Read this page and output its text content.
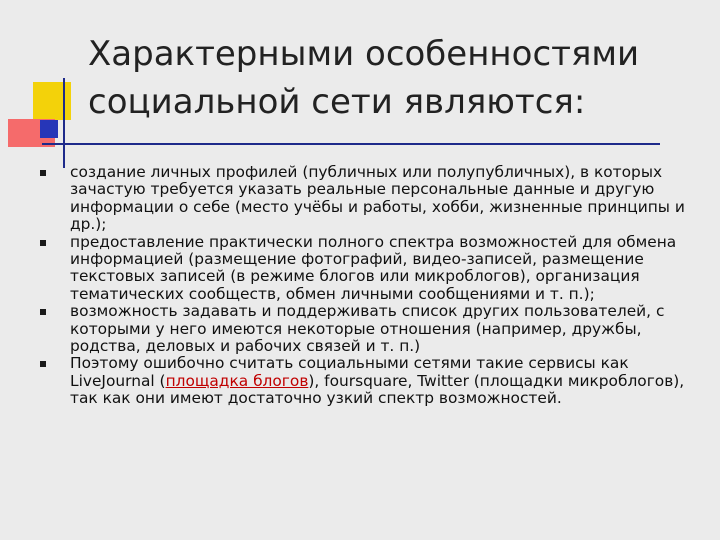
Характерными особенностями
социальной сети являются:
создание личных профилей (публичных или полупубличных), в которых зачастую требуется указать реальные персональные данные и другую информации о себе (место учёбы и работы, хобби, жизненные принципы и др.);
предоставление практически полного спектра возможностей для обмена информацией (размещение фотографий, видео-записей, размещение текстовых записей (в режиме блогов или микроблогов), организация тематических сообществ, обмен личными сообщениями и т. п.);
возможность задавать и поддерживать список других пользователей, с которыми у него имеются некоторые отношения (например, дружбы, родства, деловых и рабочих связей и т. п.)
Поэтому ошибочно считать социальными сетями такие сервисы как LiveJournal (площадка блогов), foursquare, Twitter (площадки микроблогов), так как они имеют достаточно узкий спектр возможностей.
